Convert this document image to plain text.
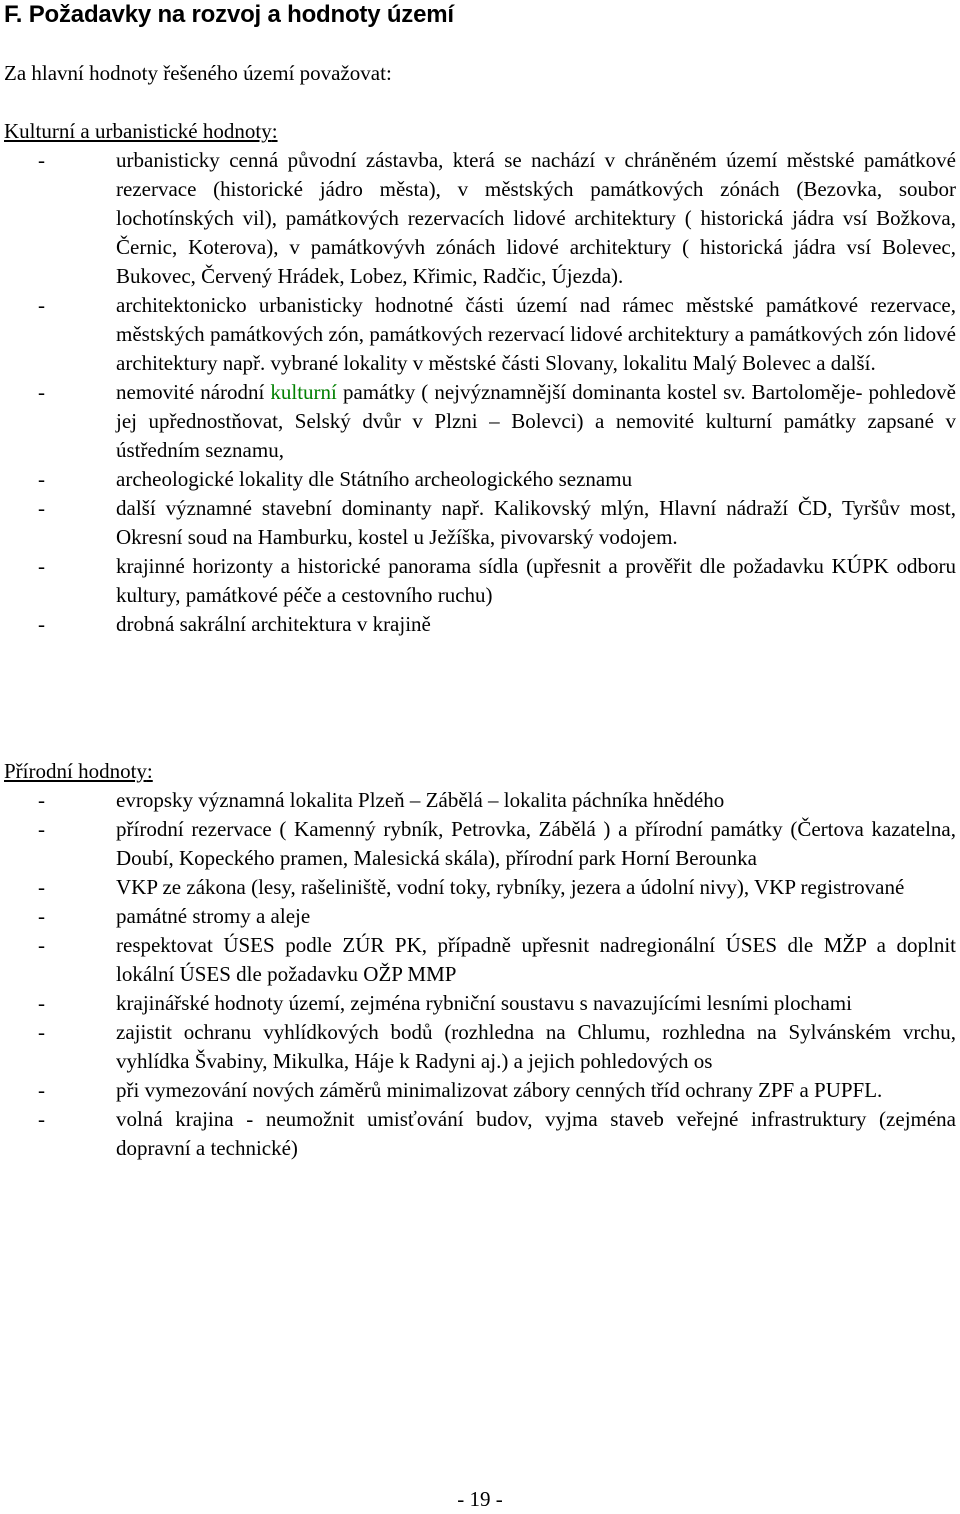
F. Požadavky na rozvoj a hodnoty území

Za hlavní hodnoty řešeného území považovat:

Kulturní a urbanistické hodnoty:

-	urbanisticky cenná původní zástavba, která se nachází v chráněném území městské památkové rezervace (historické jádro města), v městských památkových zónách (Bezovka, soubor lochotínských vil), památkových rezervacích lidové architektury ( historická jádra vsí Božkova, Černic, Koterova), v památkovývh zónách lidové architektury ( historická jádra vsí Bolevec, Bukovec, Červený Hrádek, Lobez, Křimic, Radčic, Újezda).
-	architektonicko urbanisticky hodnotné části území nad rámec městské památkové rezervace, městských památkových zón, památkových rezervací lidové architektury a památkových zón lidové architektury např. vybrané lokality v městské části Slovany, lokalitu Malý Bolevec a další.
-	nemovité národní kulturní památky ( nejvýznamnější dominanta kostel sv. Bartoloměje- pohledově jej upřednostňovat, Selský dvůr v Plzni – Bolevci) a nemovité kulturní památky zapsané v ústředním seznamu,
-	archeologické lokality dle Státního archeologického seznamu
-	další významné stavební dominanty např. Kalikovský mlýn, Hlavní nádraží ČD, Tyršův most, Okresní soud na Hamburku, kostel u Ježíška, pivovarský vodojem.
-	krajinné horizonty a historické panorama sídla (upřesnit a prověřit dle požadavku KÚPK odboru kultury, památkové péče a cestovního ruchu)
-	drobná sakrální architektura v krajině

Přírodní hodnoty:

-	evropsky významná lokalita Plzeň – Zábělá – lokalita páchníka hnědého
-	přírodní rezervace ( Kamenný rybník, Petrovka, Zábělá ) a přírodní památky (Čertova kazatelna, Doubí, Kopeckého pramen, Malesická skála), přírodní park Horní Berounka
-	VKP ze zákona (lesy, rašeliniště, vodní toky, rybníky, jezera a údolní nivy), VKP registrované
-	památné stromy a aleje
-	respektovat ÚSES podle ZÚR PK, případně upřesnit nadregionální ÚSES dle MŽP a doplnit lokální ÚSES dle požadavku OŽP MMP
-	krajinářské hodnoty území, zejména rybniční soustavu s navazujícími lesními plochami
-	zajistit ochranu vyhlídkových bodů (rozhledna na Chlumu, rozhledna na Sylvánském vrchu, vyhlídka Švabiny, Mikulka, Háje k Radyni aj.) a jejich pohledových os
-	při vymezování nových záměrů minimalizovat zábory cenných tříd ochrany ZPF a PUPFL.
-	volná krajina - neumožnit umisťování budov, vyjma staveb veřejné infrastruktury (zejména dopravní a technické)
- 19 -
